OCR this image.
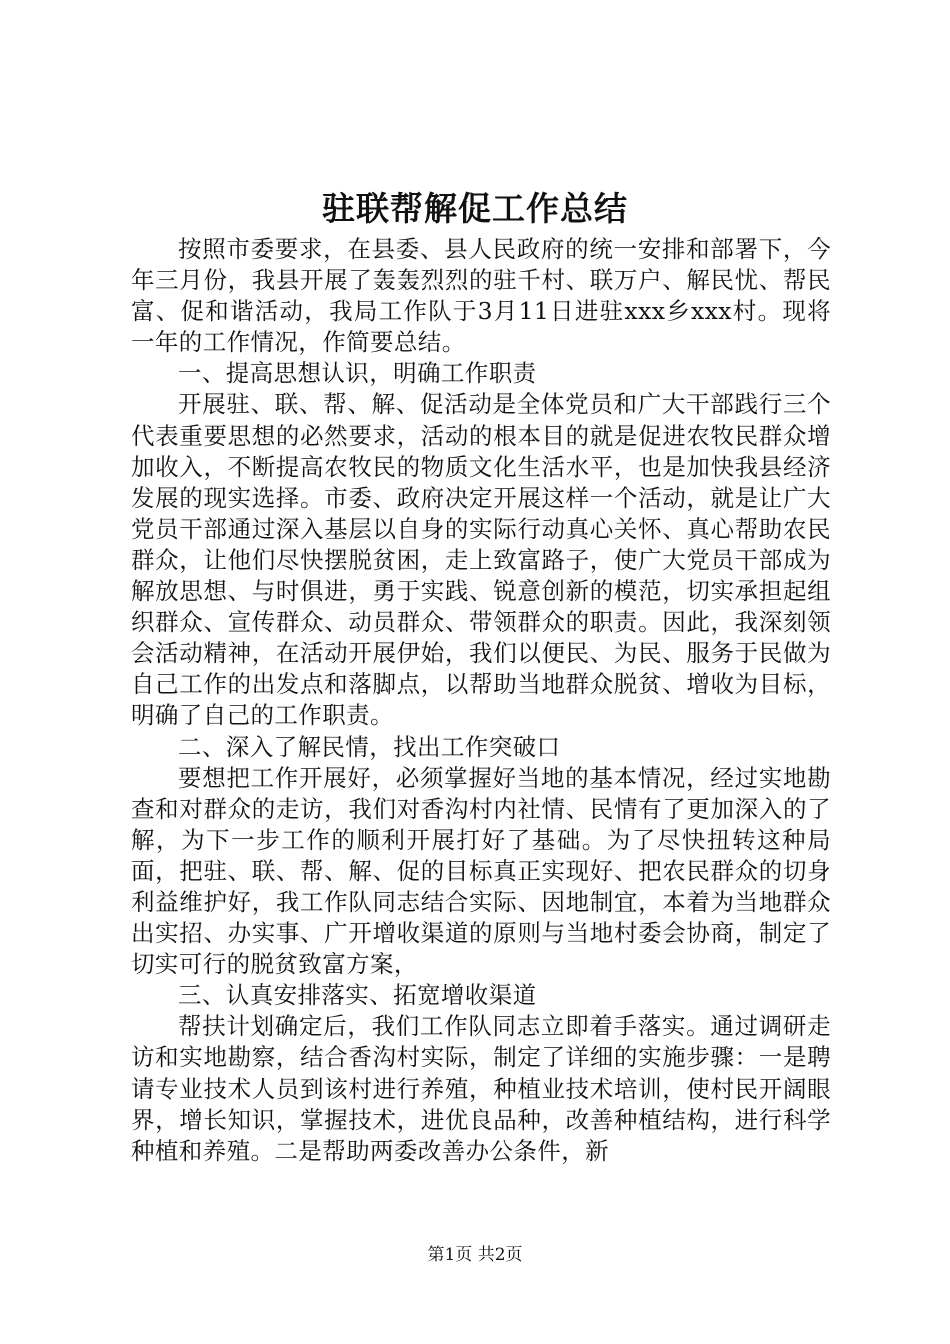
驻联帮解促工作总结

按照市委要求，在县委、县人民政府的统一安排和部署下，今年三月份，我县开展了轰轰烈烈的驻千村、联万户、解民忧、帮民富、促和谐活动，我局工作队于3月11日进驻xxx乡xxx村。现将一年的工作情况，作简要总结。

一、提高思想认识，明确工作职责

开展驻、联、帮、解、促活动是全体党员和广大干部践行三个代表重要思想的必然要求，活动的根本目的就是促进农牧民群众增加收入，不断提高农牧民的物质文化生活水平，也是加快我县经济发展的现实选择。市委、政府决定开展这样一个活动，就是让广大党员干部通过深入基层以自身的实际行动真心关怀、真心帮助农民群众，让他们尽快摆脱贫困，走上致富路子，使广大党员干部成为解放思想、与时俱进，勇于实践、锐意创新的模范，切实承担起组织群众、宣传群众、动员群众、带领群众的职责。因此，我深刻领会活动精神，在活动开展伊始，我们以便民、为民、服务于民做为自己工作的出发点和落脚点，以帮助当地群众脱贫、增收为目标，明确了自己的工作职责。

二、深入了解民情，找出工作突破口

要想把工作开展好，必须掌握好当地的基本情况，经过实地勘查和对群众的走访，我们对香沟村内社情、民情有了更加深入的了解，为下一步工作的顺利开展打好了基础。为了尽快扭转这种局面，把驻、联、帮、解、促的目标真正实现好、把农民群众的切身利益维护好，我工作队同志结合实际、因地制宜，本着为当地群众出实招、办实事、广开增收渠道的原则与当地村委会协商，制定了切实可行的脱贫致富方案，

三、认真安排落实、拓宽增收渠道

帮扶计划确定后，我们工作队同志立即着手落实。通过调研走访和实地勘察，结合香沟村实际，制定了详细的实施步骤：一是聘请专业技术人员到该村进行养殖，种植业技术培训，使村民开阔眼界，增长知识，掌握技术，进优良品种，改善种植结构，进行科学种植和养殖。二是帮助两委改善办公条件，新

第1页 共2页
